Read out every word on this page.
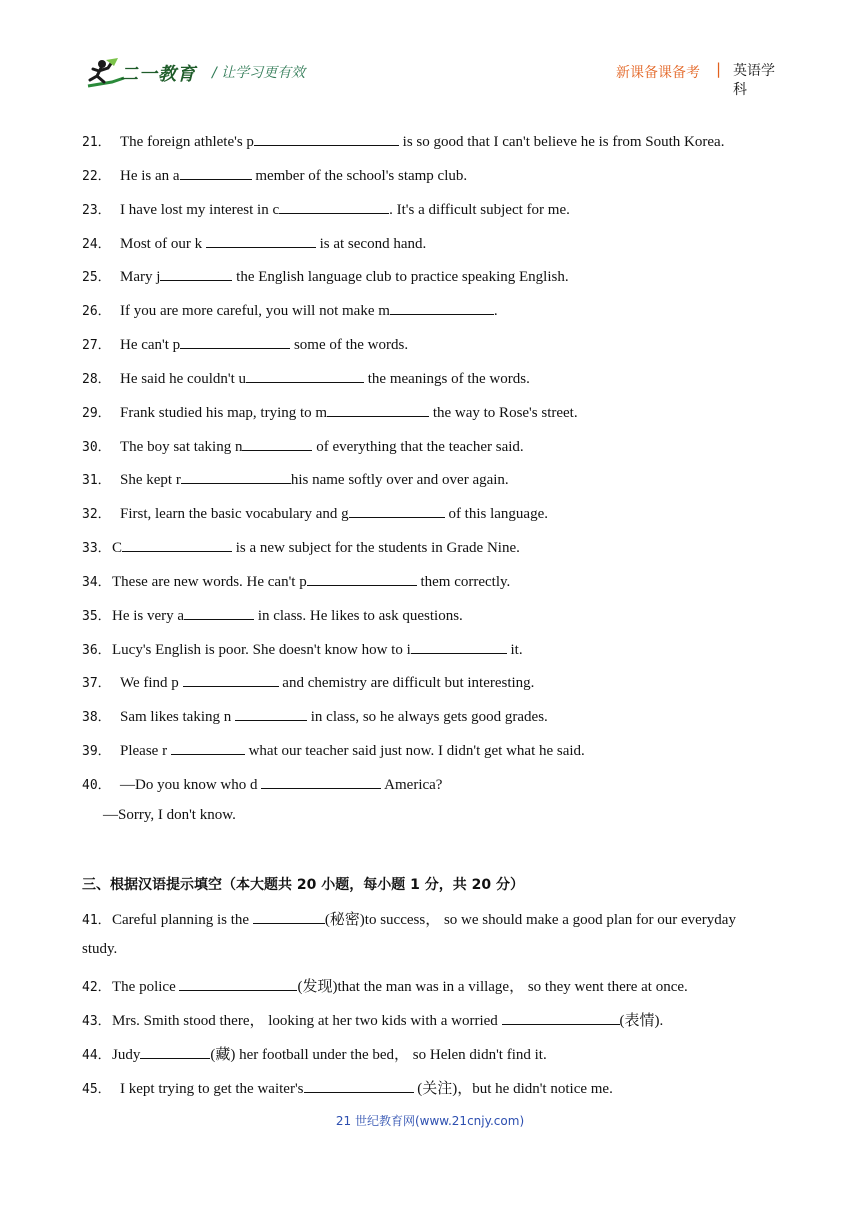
二一教育 / 让学习更有效	新课备课备考 | 英语学科
21． The foreign athlete's p	is so good that I can't believe he is from South Korea.
22． He is an a	member of the school's stamp club.
23． I have lost my interest in c	. It's a difficult subject for me.
24． Most of our k	is at second hand.
25． Mary j	the English language club to practice speaking English.
26． If you are more careful, you will not make m	.
27． He can't p	some of the words.
28． He said he couldn't u	the meanings of the words.
29． Frank studied his map, trying to m	the way to Rose's street.
30． The boy sat taking n	of everything that the teacher said.
31． She kept r	his name softly over and over again.
32． First, learn the basic vocabulary and g	of this language.
33．C	is a new subject for the students in Grade Nine.
34．These are new words. He can't p	them correctly.
35．He is very a	in class. He likes to ask questions.
36．Lucy's English is poor. She doesn't know how to i	it.
37． We find p	and chemistry are difficult but interesting.
38． Sam likes taking n	in class, so he always gets good grades.
39． Please r	what our teacher said just now. I didn't get what he said.
40． —Do you know who d	America?
—Sorry, I don't know.
三、根据汉语提示填空（本大题共 20 小题，每小题 1 分，共 20 分）
41．Careful planning is the	(秘密)to success， so we should make a good plan for our everyday
study.
42．The police	(发现)that the man was in a village， so they went there at once.
43．Mrs. Smith stood there， looking at her two kids with a worried	(表情).
44．Judy	(藏) her football under the bed， so Helen didn't find it.
45． I kept trying to get the waiter's	(关注)，but he didn't notice me.
21 世纪教育网(www.21cnjy.com)
